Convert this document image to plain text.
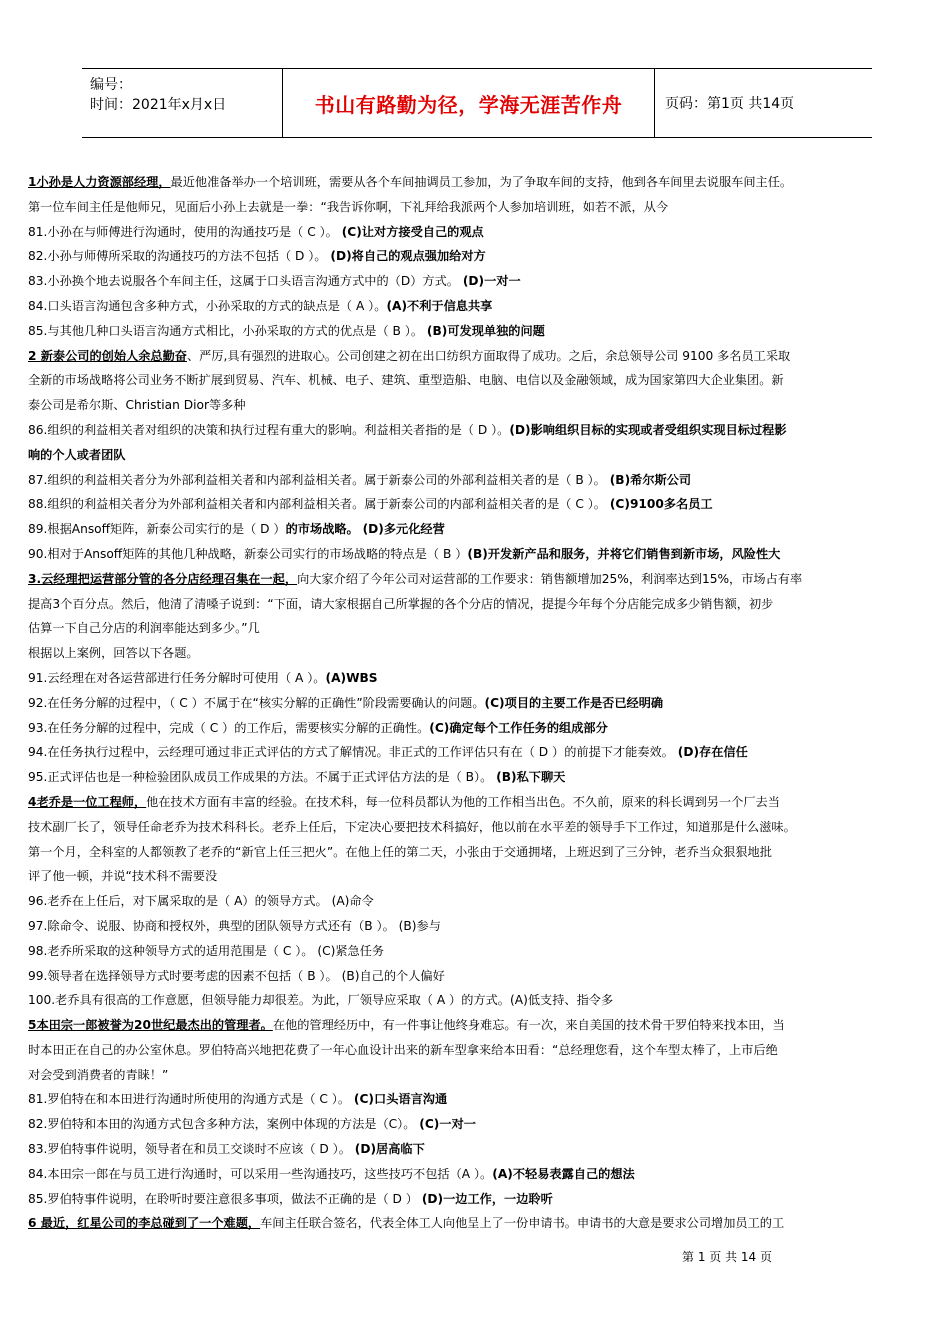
编号：
时间：2021年x月x日	书山有路勤为径，学海无涯苦作舟	页码：第1页 共14页
1小孙是人力资源部经理，最近他准备举办一个培训班，需要从各个车间抽调员工参加，为了争取车间的支持，他到各车间里去说服车间主任。
第一位车间主任是他师兄，见面后小孙上去就是一拳：“我告诉你啊，下礼拜给我派两个人参加培训班，如若不派，从今
81.小孙在与师傅进行沟通时，使用的沟通技巧是（ C ）。 (C)让对方接受自己的观点
82.小孙与师傅所采取的沟通技巧的方法不包括（ D ）。 (D)将自己的观点强加给对方
83.小孙换个地去说服各个车间主任，这属于口头语言沟通方式中的（D）方式。 (D)一对一
84.口头语言沟通包含多种方式，小孙采取的方式的缺点是（ A ）。(A)不利于信息共享
85.与其他几种口头语言沟通方式相比，小孙采取的方式的优点是（ B ）。 (B)可发现单独的问题
2 新泰公司的创始人余总勤奋、严厉,具有强烈的进取心。公司创建之初在出口纺织方面取得了成功。之后，余总领导公司 9100 多名员工采取
全新的市场战略将公司业务不断扩展到贸易、汽车、机械、电子、建筑、重型造船、电脑、电信以及金融领域，成为国家第四大企业集团。新
泰公司是希尔斯、Christian Dior等多种
86.组织的利益相关者对组织的决策和执行过程有重大的影响。利益相关者指的是（ D ）。(D)影响组织目标的实现或者受组织实现目标过程影
响的个人或者团队
87.组织的利益相关者分为外部利益相关者和内部利益相关者。属于新泰公司的外部利益相关者的是（ B ）。 (B)希尔斯公司
88.组织的利益相关者分为外部利益相关者和内部利益相关者。属于新泰公司的内部利益相关者的是（ C ）。 (C)9100多名员工
89.根据Ansoff矩阵，新泰公司实行的是（ D ）的市场战略。 (D)多元化经营
90.相对于Ansoff矩阵的其他几种战略，新泰公司实行的市场战略的特点是（ B ）(B)开发新产品和服务，并将它们销售到新市场，风险性大
3.云经理把运营部分管的各分店经理召集在一起，向大家介绍了今年公司对运营部的工作要求：销售额增加25%，利润率达到15%，市场占有率
提高3个百分点。然后，他清了清嗓子说到：“下面，请大家根据自己所掌握的各个分店的情况，提提今年每个分店能完成多少销售额，初步
估算一下自己分店的利润率能达到多少。”几
根据以上案例，回答以下各题。
91.云经理在对各运营部进行任务分解时可使用（ A ）。(A)WBS
92.在任务分解的过程中，（ C ）不属于在“核实分解的正确性”阶段需要确认的问题。(C)项目的主要工作是否已经明确
93.在任务分解的过程中，完成（ C ）的工作后，需要核实分解的正确性。(C)确定每个工作任务的组成部分
94.在任务执行过程中，云经理可通过非正式评估的方式了解情况。非正式的工作评估只有在（ D ）的前提下才能奏效。 (D)存在信任
95.正式评估也是一种检验团队成员工作成果的方法。不属于正式评估方法的是（ B）。 (B)私下聊天
4老乔是一位工程师，他在技术方面有丰富的经验。在技术科，每一位科员都认为他的工作相当出色。不久前，原来的科长调到另一个厂去当
技术副厂长了，领导任命老乔为技术科科长。老乔上任后，下定决心要把技术科搞好，他以前在水平差的领导手下工作过，知道那是什么滋味。
第一个月，全科室的人都领教了老乔的“新官上任三把火”。在他上任的第二天，小张由于交通拥堵，上班迟到了三分钟，老乔当众狠狠地批
评了他一顿，并说“技术科不需要没
96.老乔在上任后，对下属采取的是（ A）的领导方式。 (A)命令
97.除命令、说服、协商和授权外，典型的团队领导方式还有（B ）。 (B)参与
98.老乔所采取的这种领导方式的适用范围是（ C ）。 (C)紧急任务
99.领导者在选择领导方式时要考虑的因素不包括（ B ）。 (B)自己的个人偏好
100.老乔具有很高的工作意愿，但领导能力却很差。为此，厂领导应采取（ A ）的方式。(A)低支持、指令多
5本田宗一郎被誉为20世纪最杰出的管理者。在他的管理经历中，有一件事让他终身难忘。有一次，来自美国的技术骨干罗伯特来找本田，当
时本田正在自己的办公室休息。罗伯特高兴地把花费了一年心血设计出来的新车型拿来给本田看：“总经理您看，这个车型太棒了，上市后绝
对会受到消费者的青睐！”
81.罗伯特在和本田进行沟通时所使用的沟通方式是（ C ）。 (C)口头语言沟通
82.罗伯特和本田的沟通方式包含多种方法，案例中体现的方法是（C）。 (C)一对一
83.罗伯特事件说明，领导者在和员工交谈时不应该（ D ）。 (D)居高临下
84.本田宗一郎在与员工进行沟通时，可以采用一些沟通技巧，这些技巧不包括（A ）。(A)不轻易表露自己的想法
85.罗伯特事件说明，在聆听时要注意很多事项，做法不正确的是（ D ） (D)一边工作，一边聆听
6 最近，红星公司的李总碰到了一个难题，车间主任联合签名，代表全体工人向他呈上了一份申请书。申请书的大意是要求公司增加员工的工
第 1 页 共 14 页
